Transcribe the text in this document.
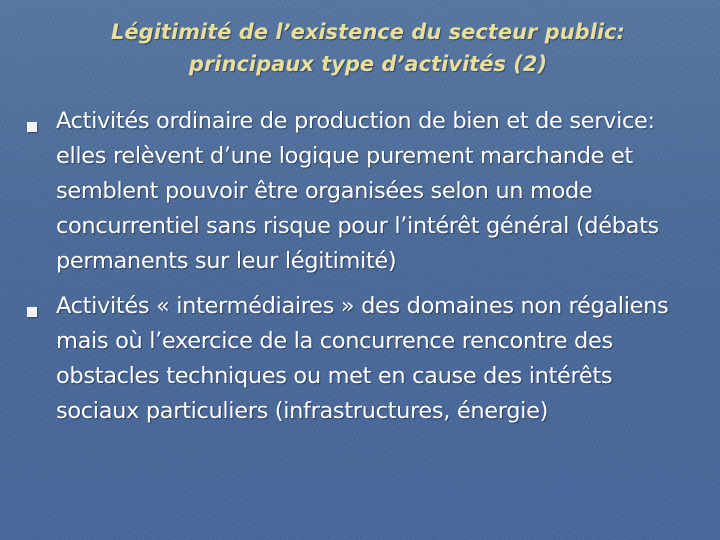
Légitimité de l’existence du secteur public:
principaux type d’activités (2)
Activités ordinaire de production de bien et de service: elles relèvent d’une logique purement marchande et semblent pouvoir être organisées selon un mode concurrentiel sans risque pour l’intérêt général (débats permanents sur leur légitimité)
Activités « intermédiaires » des domaines non régaliens mais où l’exercice de la concurrence rencontre des obstacles techniques ou met en cause des intérêts sociaux particuliers (infrastructures, énergie)
